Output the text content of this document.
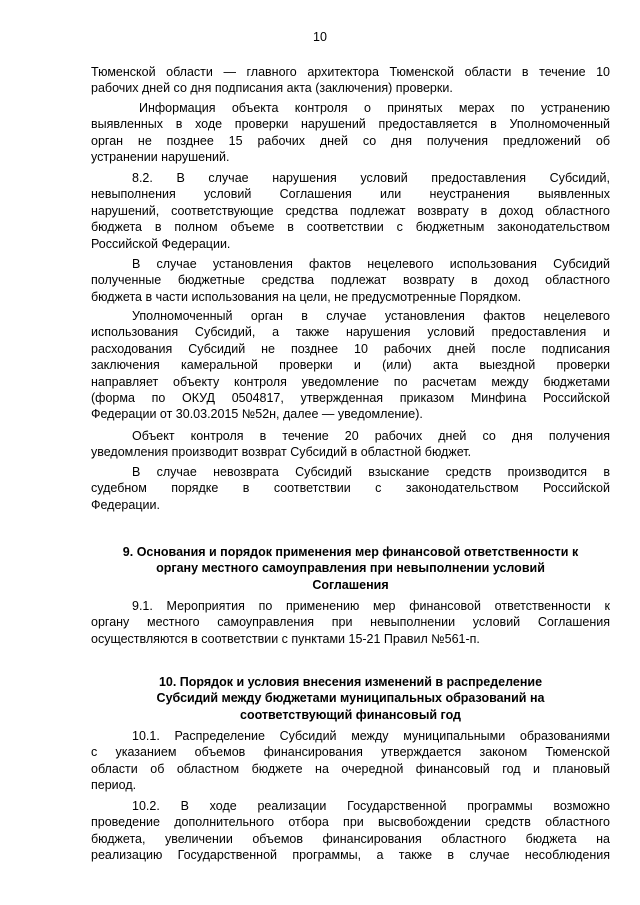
10
Тюменской области — главного архитектора Тюменской области в течение 10
рабочих дней со дня подписания акта (заключения) проверки.
Информация объекта контроля о принятых мерах по устранению
выявленных в ходе проверки нарушений предоставляется в Уполномоченный
орган не позднее 15 рабочих дней со дня получения предложений об
устранении нарушений.
8.2. В случае нарушения условий предоставления Субсидий,
невыполнения условий Соглашения или неустранения выявленных
нарушений, соответствующие средства подлежат возврату в доход областного
бюджета в полном объеме в соответствии с бюджетным законодательством
Российской Федерации.
В случае установления фактов нецелевого использования Субсидий
полученные бюджетные средства подлежат возврату в доход областного
бюджета в части использования на цели, не предусмотренные Порядком.
Уполномоченный орган в случае установления фактов нецелевого
использования Субсидий, а также нарушения условий предоставления и
расходования Субсидий не позднее 10 рабочих дней после подписания
заключения камеральной проверки и (или) акта выездной проверки
направляет объекту контроля уведомление по расчетам между бюджетами
(форма по ОКУД 0504817, утвержденная приказом Минфина Российской
Федерации от 30.03.2015 №52н, далее — уведомление).
Объект контроля в течение 20 рабочих дней со дня получения
уведомления производит возврат Субсидий в областной бюджет.
В случае невозврата Субсидий взыскание средств производится в
судебном порядке в соответствии с законодательством Российской
Федерации.
9. Основания и порядок применения мер финансовой ответственности к
органу местного самоуправления при невыполнении условий
Соглашения
9.1. Мероприятия по применению мер финансовой ответственности к
органу местного самоуправления при невыполнении условий Соглашения
осуществляются в соответствии с пунктами 15-21 Правил №561-п.
10. Порядок и условия внесения изменений в распределение
Субсидий между бюджетами муниципальных образований на
соответствующий финансовый год
10.1. Распределение Субсидий между муниципальными образованиями
с указанием объемов финансирования утверждается законом Тюменской
области об областном бюджете на очередной финансовый год и плановый
период.
10.2. В ходе реализации Государственной программы возможно
проведение дополнительного отбора при высвобождении средств областного
бюджета, увеличении объемов финансирования областного бюджета на
реализацию Государственной программы, а также в случае несоблюдения
